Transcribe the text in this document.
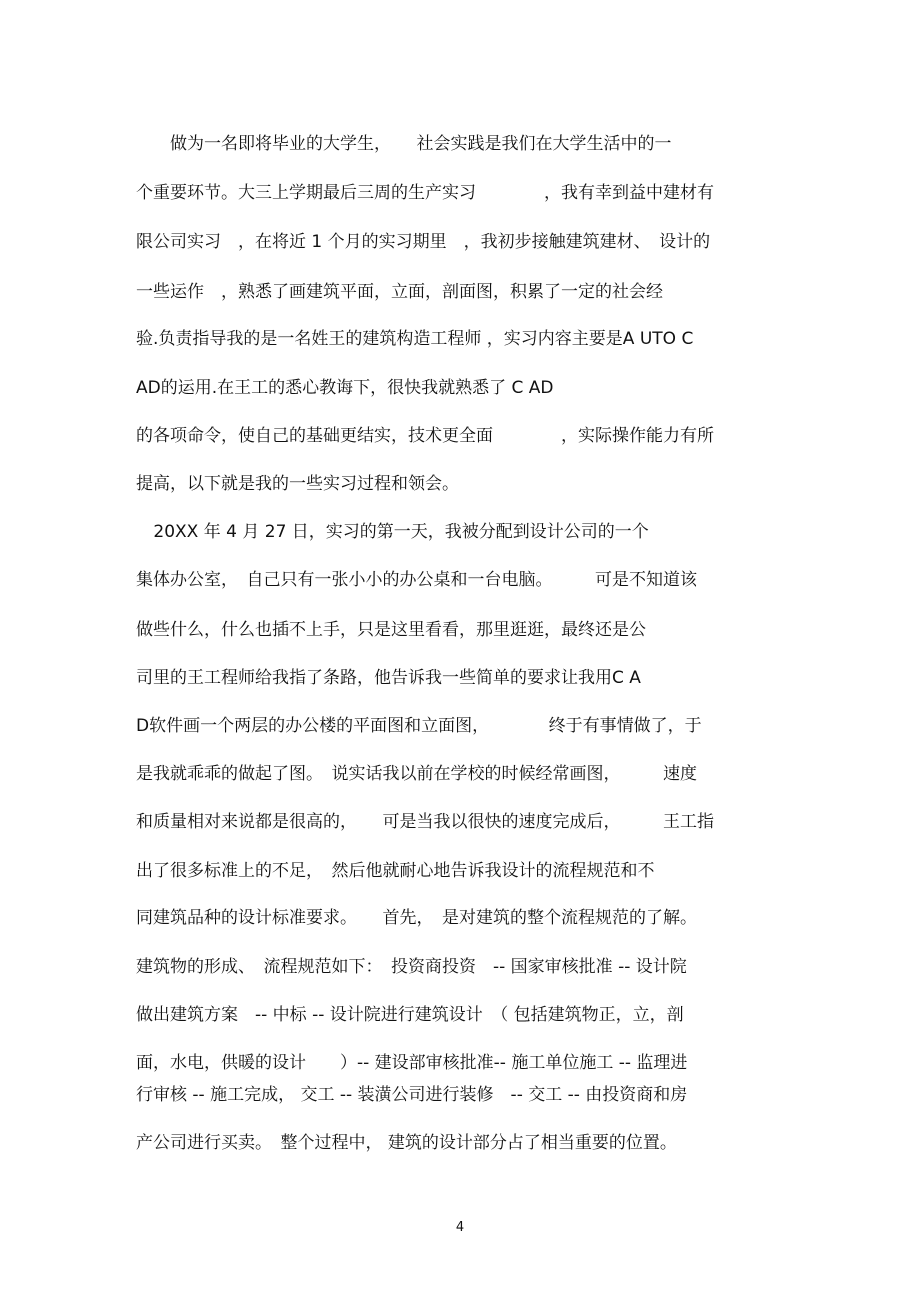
　　做为一名即将毕业的大学生，　　社会实践是我们在大学生活中的一
个重要环节。大三上学期最后三周的生产实习　　　　，我有幸到益中建材有
限公司实习　，在将近 1 个月的实习期里　，我初步接触建筑建材、　设计的
一些运作　，熟悉了画建筑平面，立面，剖面图，积累了一定的社会经
验.负责指导我的是一名姓王的建筑构造工程师 ，实习内容主要是A UTO C
AD的运用.在王工的悉心教诲下，很快我就熟悉了 C AD
的各项命令，使自己的基础更结实，技术更全面　　　　，实际操作能力有所
提高，以下就是我的一些实习过程和领会。
20XX 年 4 月 27 日，实习的第一天，我被分配到设计公司的一个
集体办公室，　自己只有一张小小的办公桌和一台电脑。　　　可是不知道该
做些什么，什么也插不上手，只是这里看看，那里逛逛，最终还是公
司里的王工程师给我指了条路，他告诉我一些简单的要求让我用C A
D软件画一个两层的办公楼的平面图和立面图，　　　　终于有事情做了，于
是我就乖乖的做起了图。　说实话我以前在学校的时候经常画图，　　　速度
和质量相对来说都是很高的，　　可是当我以很快的速度完成后，　　　王工指
出了很多标准上的不足，　然后他就耐心地告诉我设计的流程规范和不
同建筑品种的设计标准要求。　　首先，　是对建筑的整个流程规范的了解。
建筑物的形成、　流程规范如下：　投资商投资　-- 国家审核批准 -- 设计院
做出建筑方案　-- 中标 -- 设计院进行建筑设计　（ 包括建筑物正，立，剖
面，水电，供暖的设计　　）-- 建设部审核批准-- 施工单位施工 -- 监理进
行审核 -- 施工完成， 交工 -- 装潢公司进行装修　-- 交工 -- 由投资商和房
产公司进行买卖。　整个过程中， 建筑的设计部分占了相当重要的位置。
4
